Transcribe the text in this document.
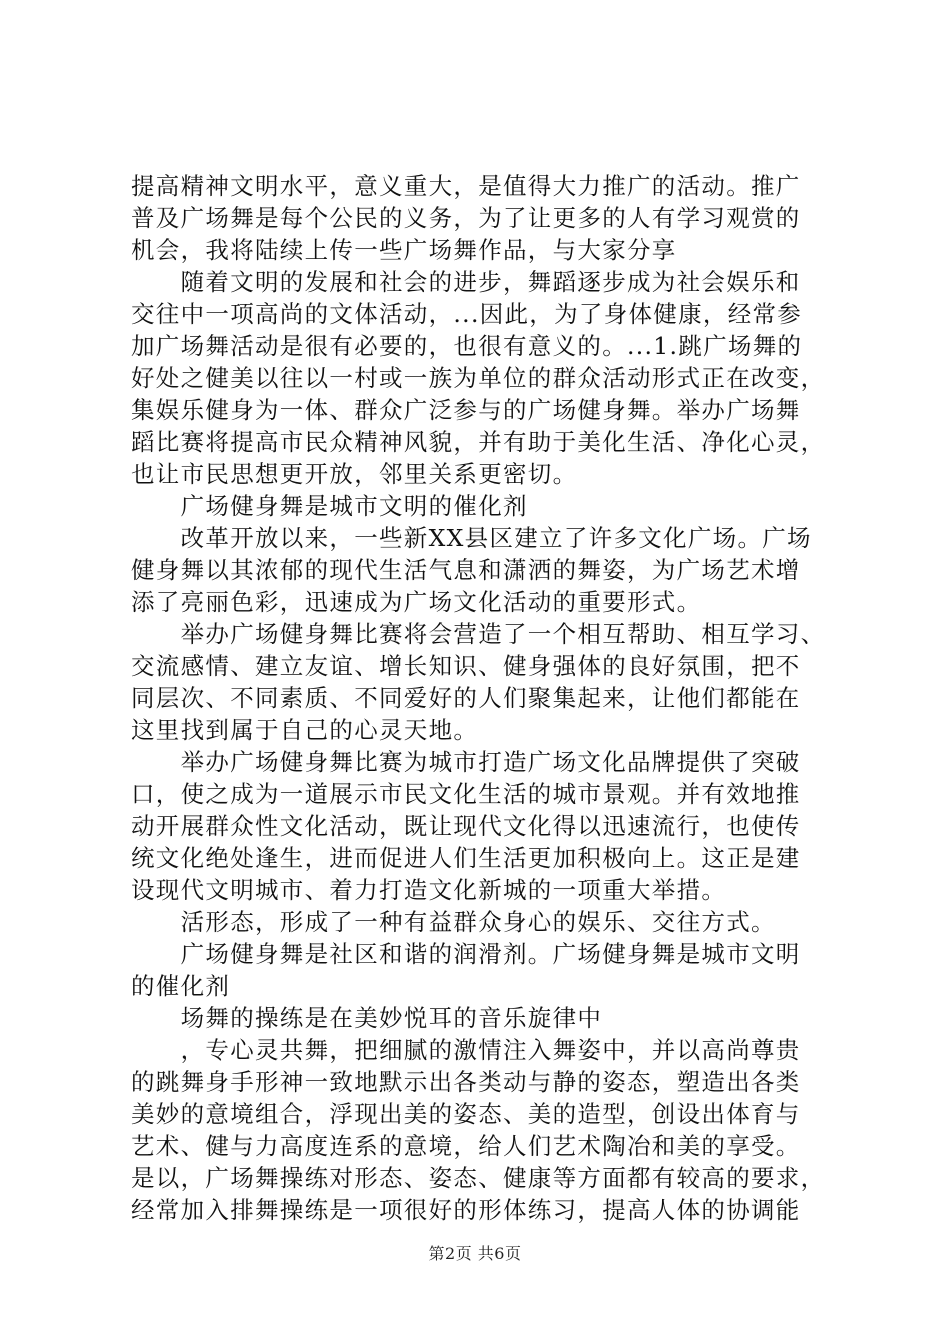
提高精神文明水平，意义重大，是值得大力推广的活动。推广
普及广场舞是每个公民的义务，为了让更多的人有学习观赏的
机会，我将陆续上传一些广场舞作品，与大家分享
　　随着文明的发展和社会的进步，舞蹈逐步成为社会娱乐和
交往中一项高尚的文体活动，...因此，为了身体健康，经常参
加广场舞活动是很有必要的，也很有意义的。...1.跳广场舞的
好处之健美以往以一村或一族为单位的群众活动形式正在改变，
集娱乐健身为一体、群众广泛参与的广场健身舞。举办广场舞
蹈比赛将提高市民众精神风貌，并有助于美化生活、净化心灵，
也让市民思想更开放，邻里关系更密切。
　　广场健身舞是城市文明的催化剂
　　改革开放以来，一些新XX县区建立了许多文化广场。广场
健身舞以其浓郁的现代生活气息和潇洒的舞姿，为广场艺术增
添了亮丽色彩，迅速成为广场文化活动的重要形式。
　　举办广场健身舞比赛将会营造了一个相互帮助、相互学习、
交流感情、建立友谊、增长知识、健身强体的良好氛围，把不
同层次、不同素质、不同爱好的人们聚集起来，让他们都能在
这里找到属于自己的心灵天地。
　　举办广场健身舞比赛为城市打造广场文化品牌提供了突破
口，使之成为一道展示市民文化生活的城市景观。并有效地推
动开展群众性文化活动，既让现代文化得以迅速流行，也使传
统文化绝处逢生，进而促进人们生活更加积极向上。这正是建
设现代文明城市、着力打造文化新城的一项重大举措。
　　活形态，形成了一种有益群众身心的娱乐、交往方式。
　　广场健身舞是社区和谐的润滑剂。广场健身舞是城市文明
的催化剂
　　场舞的操练是在美妙悦耳的音乐旋律中
　　，专心灵共舞，把细腻的激情注入舞姿中，并以高尚尊贵
的跳舞身手形神一致地默示出各类动与静的姿态，塑造出各类
美妙的意境组合，浮现出美的姿态、美的造型，创设出体育与
艺术、健与力高度连系的意境，给人们艺术陶冶和美的享受。
是以，广场舞操练对形态、姿态、健康等方面都有较高的要求，
经常加入排舞操练是一项很好的形体练习，提高人体的协调能
第2页 共6页
